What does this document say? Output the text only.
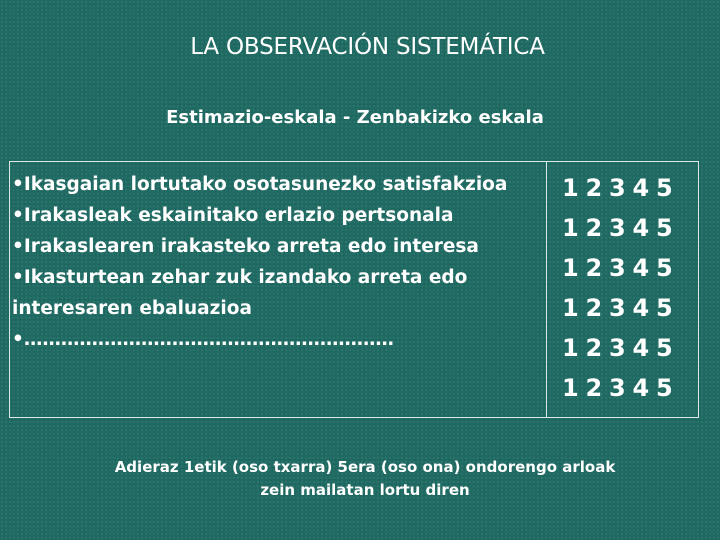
LA OBSERVACIÓN SISTEMÁTICA
Estimazio-eskala - Zenbakizko eskala

•Ikasgaian lortutako osotasunezko satisfakzioa

•Irakasleak eskainitako erlazio pertsonala

•Irakaslearen irakasteko arreta edo interesa

•Ikasturtean zehar zuk izandako arreta edo interesaren ebaluazioa

•……………………………………………………

1 2 3 4 5
1 2 3 4 5
1 2 3 4 5
1 2 3 4 5
1 2 3 4 5
1 2 3 4 5
Adieraz 1etik (oso txarra) 5era (oso ona) ondorengo arloak
zein mailatan lortu diren
